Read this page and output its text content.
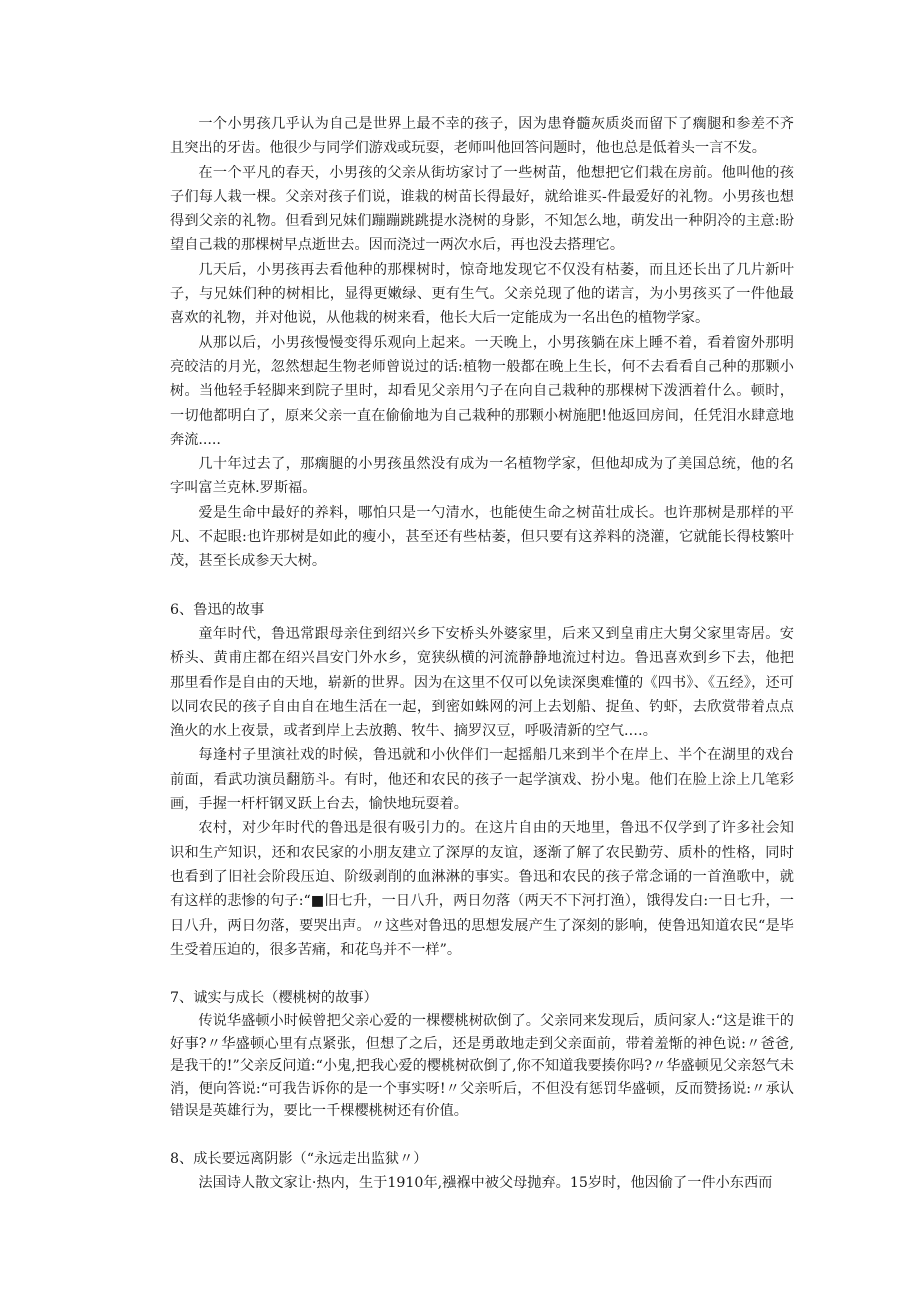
一个小男孩几乎认为自己是世界上最不幸的孩子，因为患脊髓灰质炎而留下了瘸腿和参差不齐且突出的牙齿。他很少与同学们游戏或玩耍，老师叫他回答问题时，他也总是低着头一言不发。

在一个平凡的春天，小男孩的父亲从街坊家讨了一些树苗，他想把它们栽在房前。他叫他的孩子们每人栽一棵。父亲对孩子们说，谁栽的树苗长得最好，就给谁买-件最爱好的礼物。小男孩也想得到父亲的礼物。但看到兄妹们蹦蹦跳跳提水浇树的身影，不知怎么地，萌发出一种阴冷的主意:盼望自己栽的那棵树早点逝世去。因而浇过一两次水后，再也没去搭理它。

几天后，小男孩再去看他种的那棵树时，惊奇地发现它不仅没有枯萎，而且还长出了几片新叶子，与兄妹们种的树相比，显得更嫩绿、更有生气。父亲兑现了他的诺言，为小男孩买了一件他最喜欢的礼物，并对他说，从他栽的树来看，他长大后一定能成为一名出色的植物学家。

从那以后，小男孩慢慢变得乐观向上起来。一天晚上，小男孩躺在床上睡不着，看着窗外那明亮皎洁的月光，忽然想起生物老师曾说过的话:植物一般都在晚上生长，何不去看看自己种的那颗小树。当他轻手轻脚来到院子里时，却看见父亲用勺子在向自己栽种的那棵树下泼洒着什么。顿时，一切他都明白了，原来父亲一直在偷偷地为自己栽种的那颗小树施肥!他返回房间，任凭泪水肆意地奔流.....

几十年过去了，那瘸腿的小男孩虽然没有成为一名植物学家，但他却成为了美国总统，他的名字叫富兰克林.罗斯福。

爱是生命中最好的养料，哪怕只是一勺清水，也能使生命之树苗壮成长。也许那树是那样的平凡、不起眼:也许那树是如此的瘦小，甚至还有些枯萎，但只要有这养料的浇灌，它就能长得枝繁叶茂，甚至长成参天大树。

6、鲁迅的故事

童年时代，鲁迅常跟母亲住到绍兴乡下安桥头外婆家里，后来又到皇甫庄大舅父家里寄居。安桥头、黄甫庄都在绍兴昌安门外水乡，宽狭纵横的河流静静地流过村边。鲁迅喜欢到乡下去，他把那里看作是自由的天地，崭新的世界。因为在这里不仅可以免读深奥难懂的《四书》、《五经》，还可以同农民的孩子自由自在地生活在一起，到密如蛛网的河上去划船、捉鱼、钓虾，去欣赏带着点点渔火的水上夜景，或者到岸上去放鹅、牧牛、摘罗汉豆，呼吸清新的空气.…。

每逢村子里演社戏的时候，鲁迅就和小伙伴们一起摇船几来到半个在岸上、半个在湖里的戏台前面，看武功演员翻筋斗。有时，他还和农民的孩子一起学演戏、扮小鬼。他们在脸上涂上几笔彩画，手握一杆杆钢叉跃上台去，愉快地玩耍着。

农村，对少年时代的鲁迅是很有吸引力的。在这片自由的天地里，鲁迅不仅学到了许多社会知识和生产知识，还和农民家的小朋友建立了深厚的友谊，逐渐了解了农民勤劳、质朴的性格，同时也看到了旧社会阶段压迫、阶级剥削的血淋淋的事实。鲁迅和农民的孩子常念诵的一首渔歌中，就有这样的悲惨的句子:“■旧七升，一日八升，两日勿落（两天不下河打渔），饿得发白:一日七升，一日八升，两日勿落，要哭出声。〃这些对鲁迅的思想发展产生了深刻的影响，使鲁迅知道农民“是毕生受着压迫的，很多苦痛，和花鸟并不一样”。

7、诚实与成长（樱桃树的故事）

传说华盛顿小时候曾把父亲心爱的一棵樱桃树砍倒了。父亲同来发现后，质问家人:“这是谁干的好事?〃华盛顿心里有点紧张，但想了之后，还是勇敢地走到父亲面前，带着羞惭的神色说:〃爸爸,是我干的!”父亲反问道:“小鬼,把我心爱的樱桃树砍倒了,你不知道我要揍你吗?〃华盛顿见父亲怒气未消，便向答说:“可我告诉你的是一个事实呀!〃父亲听后，不但没有惩罚华盛顿，反而赞扬说:〃承认错误是英雄行为，要比一千棵樱桃树还有价值。

8、成长要远离阴影（“永远走出监狱〃）

法国诗人散文家让·热内，生于1910年,襁褓中被父母抛弃。15岁时，他因偷了一件小东西而
